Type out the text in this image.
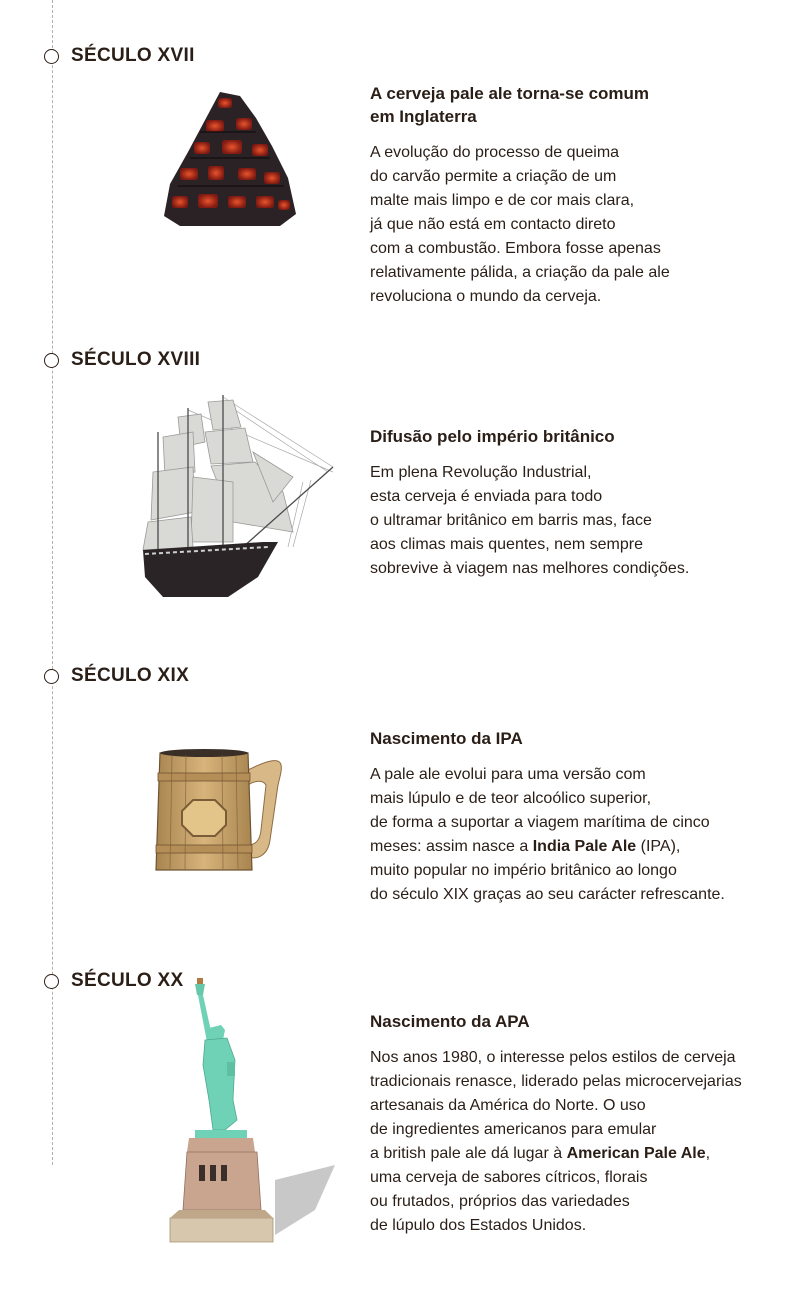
SÉCULO XVII
A cerveja pale ale torna-se comum
em Inglaterra
A evolução do processo de queima
do carvão permite a criação de um
malte mais limpo e de cor mais clara,
já que não está em contacto direto
com a combustão. Embora fosse apenas
relativamente pálida, a criação da pale ale
revoluciona o mundo da cerveja.
SÉCULO XVIII
Difusão pelo império britânico
Em plena Revolução Industrial,
esta cerveja é enviada para todo
o ultramar britânico em barris mas, face
aos climas mais quentes, nem sempre
sobrevive à viagem nas melhores condições.
SÉCULO XIX
Nascimento da IPA
A pale ale evolui para uma versão com
mais lúpulo e de teor alcoólico superior,
de forma a suportar a viagem marítima de cinco
meses: assim nasce a India Pale Ale (IPA),
muito popular no império britânico ao longo
do século XIX graças ao seu carácter refrescante.
SÉCULO XX
Nascimento da APA
Nos anos 1980, o interesse pelos estilos de cerveja
tradicionais renasce, liderado pelas microcervejarias
artesanais da América do Norte. O uso
de ingredientes americanos para emular
a british pale ale dá lugar à American Pale Ale,
uma cerveja de sabores cítricos, florais
ou frutados, próprios das variedades
de lúpulo dos Estados Unidos.
